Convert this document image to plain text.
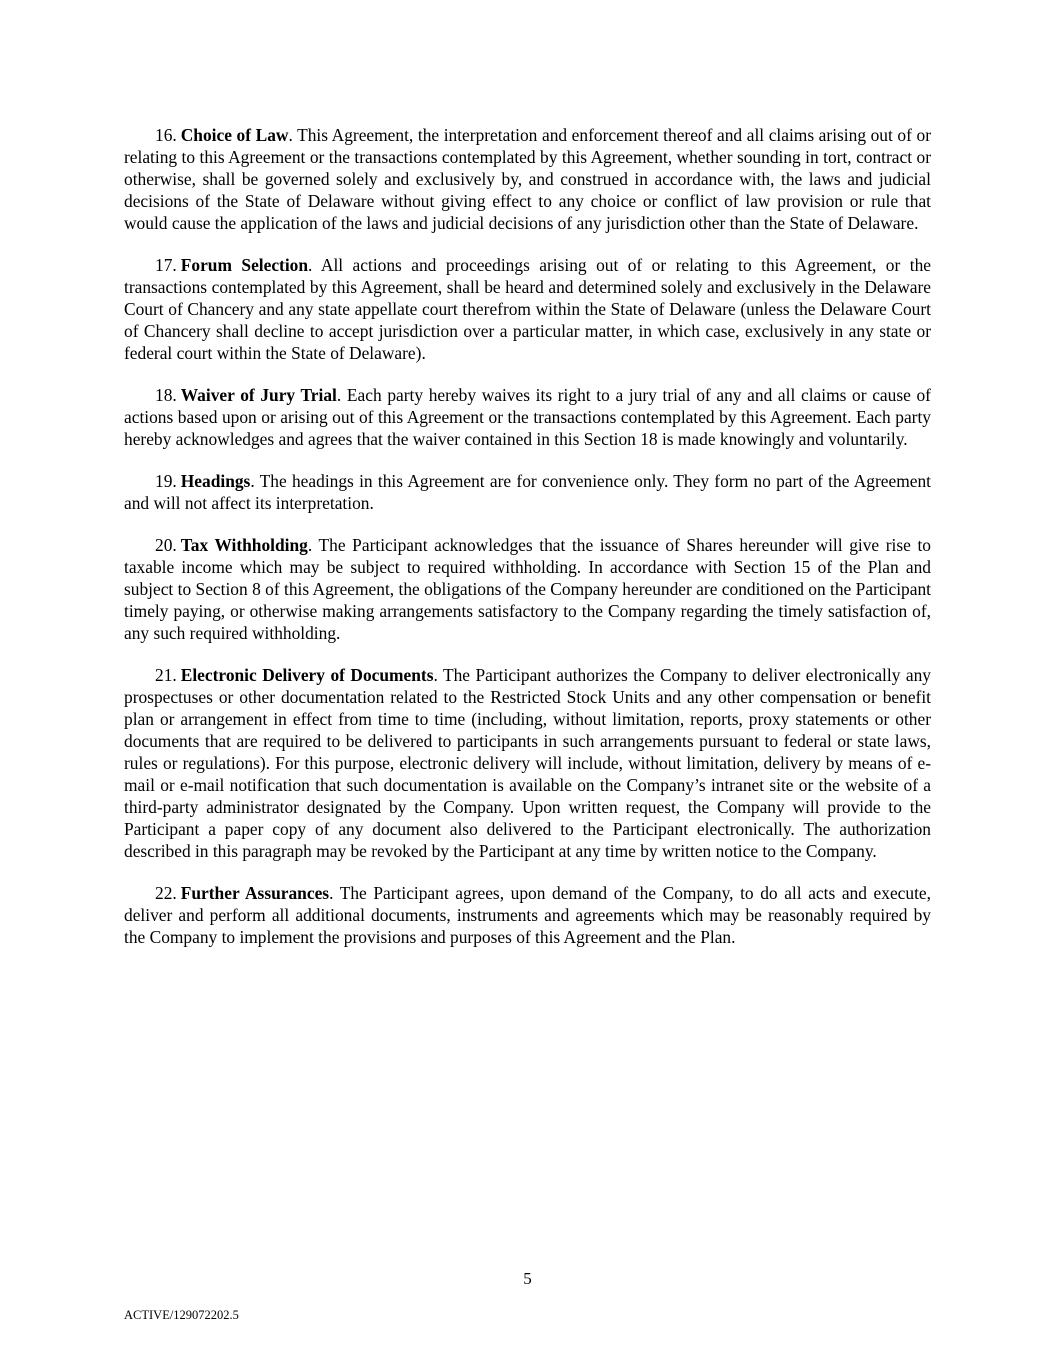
16. Choice of Law. This Agreement, the interpretation and enforcement thereof and all claims arising out of or relating to this Agreement or the transactions contemplated by this Agreement, whether sounding in tort, contract or otherwise, shall be governed solely and exclusively by, and construed in accordance with, the laws and judicial decisions of the State of Delaware without giving effect to any choice or conflict of law provision or rule that would cause the application of the laws and judicial decisions of any jurisdiction other than the State of Delaware.

17. Forum Selection. All actions and proceedings arising out of or relating to this Agreement, or the transactions contemplated by this Agreement, shall be heard and determined solely and exclusively in the Delaware Court of Chancery and any state appellate court therefrom within the State of Delaware (unless the Delaware Court of Chancery shall decline to accept jurisdiction over a particular matter, in which case, exclusively in any state or federal court within the State of Delaware).

18. Waiver of Jury Trial. Each party hereby waives its right to a jury trial of any and all claims or cause of actions based upon or arising out of this Agreement or the transactions contemplated by this Agreement. Each party hereby acknowledges and agrees that the waiver contained in this Section 18 is made knowingly and voluntarily.

19. Headings. The headings in this Agreement are for convenience only. They form no part of the Agreement and will not affect its interpretation.

20. Tax Withholding. The Participant acknowledges that the issuance of Shares hereunder will give rise to taxable income which may be subject to required withholding. In accordance with Section 15 of the Plan and subject to Section 8 of this Agreement, the obligations of the Company hereunder are conditioned on the Participant timely paying, or otherwise making arrangements satisfactory to the Company regarding the timely satisfaction of, any such required withholding.

21. Electronic Delivery of Documents. The Participant authorizes the Company to deliver electronically any prospectuses or other documentation related to the Restricted Stock Units and any other compensation or benefit plan or arrangement in effect from time to time (including, without limitation, reports, proxy statements or other documents that are required to be delivered to participants in such arrangements pursuant to federal or state laws, rules or regulations). For this purpose, electronic delivery will include, without limitation, delivery by means of e-mail or e-mail notification that such documentation is available on the Company’s intranet site or the website of a third-party administrator designated by the Company. Upon written request, the Company will provide to the Participant a paper copy of any document also delivered to the Participant electronically. The authorization described in this paragraph may be revoked by the Participant at any time by written notice to the Company.

22. Further Assurances. The Participant agrees, upon demand of the Company, to do all acts and execute, deliver and perform all additional documents, instruments and agreements which may be reasonably required by the Company to implement the provisions and purposes of this Agreement and the Plan.

5
ACTIVE/129072202.5
